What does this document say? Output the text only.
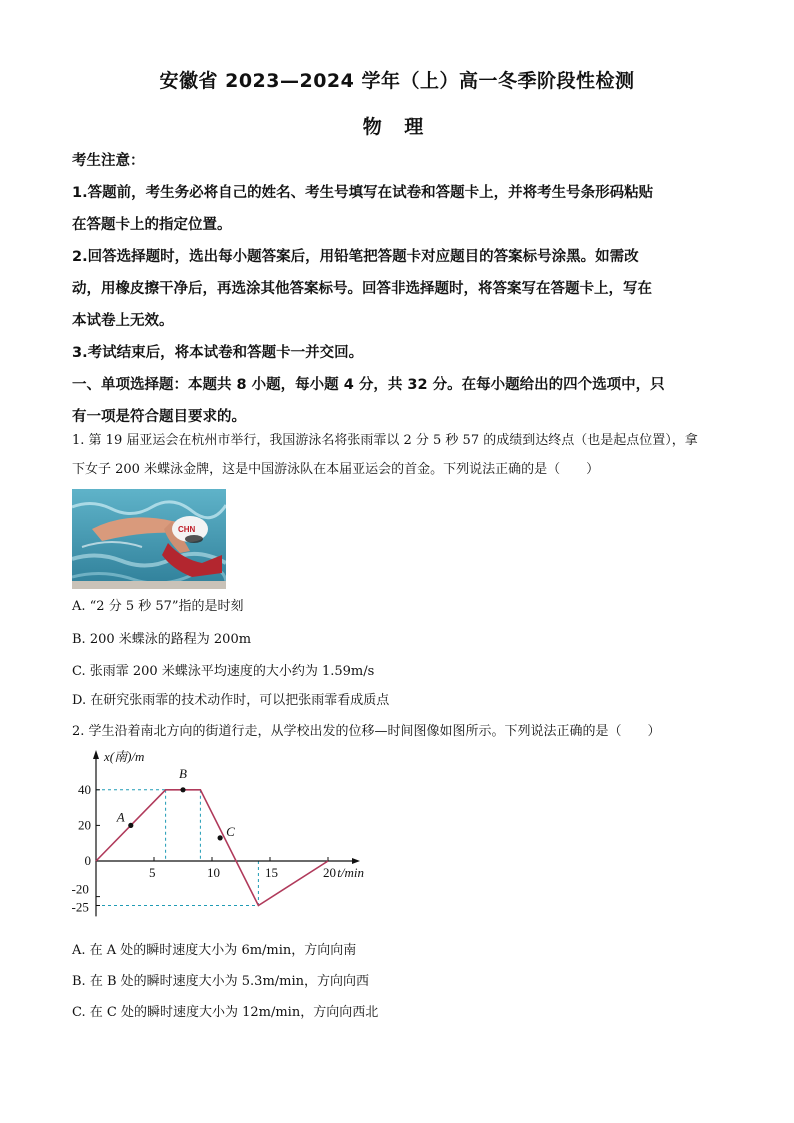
安徽省 2023—2024 学年（上）高一冬季阶段性检测
物 理

考生注意：

1.答题前，考生务必将自己的姓名、考生号填写在试卷和答题卡上，并将考生号条形码粘贴

在答题卡上的指定位置。

2.回答选择题时，选出每小题答案后，用铅笔把答题卡对应题目的答案标号涂黑。如需改

动，用橡皮擦干净后，再选涂其他答案标号。回答非选择题时，将答案写在答题卡上，写在

本试卷上无效。

3.考试结束后，将本试卷和答题卡一并交回。

一、单项选择题：本题共 8 小题，每小题 4 分，共 32 分。在每小题给出的四个选项中，只

有一项是符合题目要求的。

1. 第 19 届亚运会在杭州市举行，我国游泳名将张雨霏以 2 分 5 秒 57 的成绩到达终点（也是起点位置），拿

下女子 200 米蝶泳金牌，这是中国游泳队在本届亚运会的首金。下列说法正确的是（　　）

CHN
A. “2 分 5 秒 57”指的是时刻
B. 200 米蝶泳的路程为 200m
C. 张雨霏 200 米蝶泳平均速度的大小约为 1.59m/s
D. 在研究张雨霏的技术动作时，可以把张雨霏看成质点
2. 学生沿着南北方向的街道行走，从学校出发的位移—时间图像如图所示。下列说法正确的是（　　）
x(南)/m
t/min
5	10	15	20
40
20
0
-20
-25
A
B
C
A. 在 A 处的瞬时速度大小为 6m/min，方向向南
B. 在 B 处的瞬时速度大小为 5.3m/min，方向向西
C. 在 C 处的瞬时速度大小为 12m/min，方向向西北
